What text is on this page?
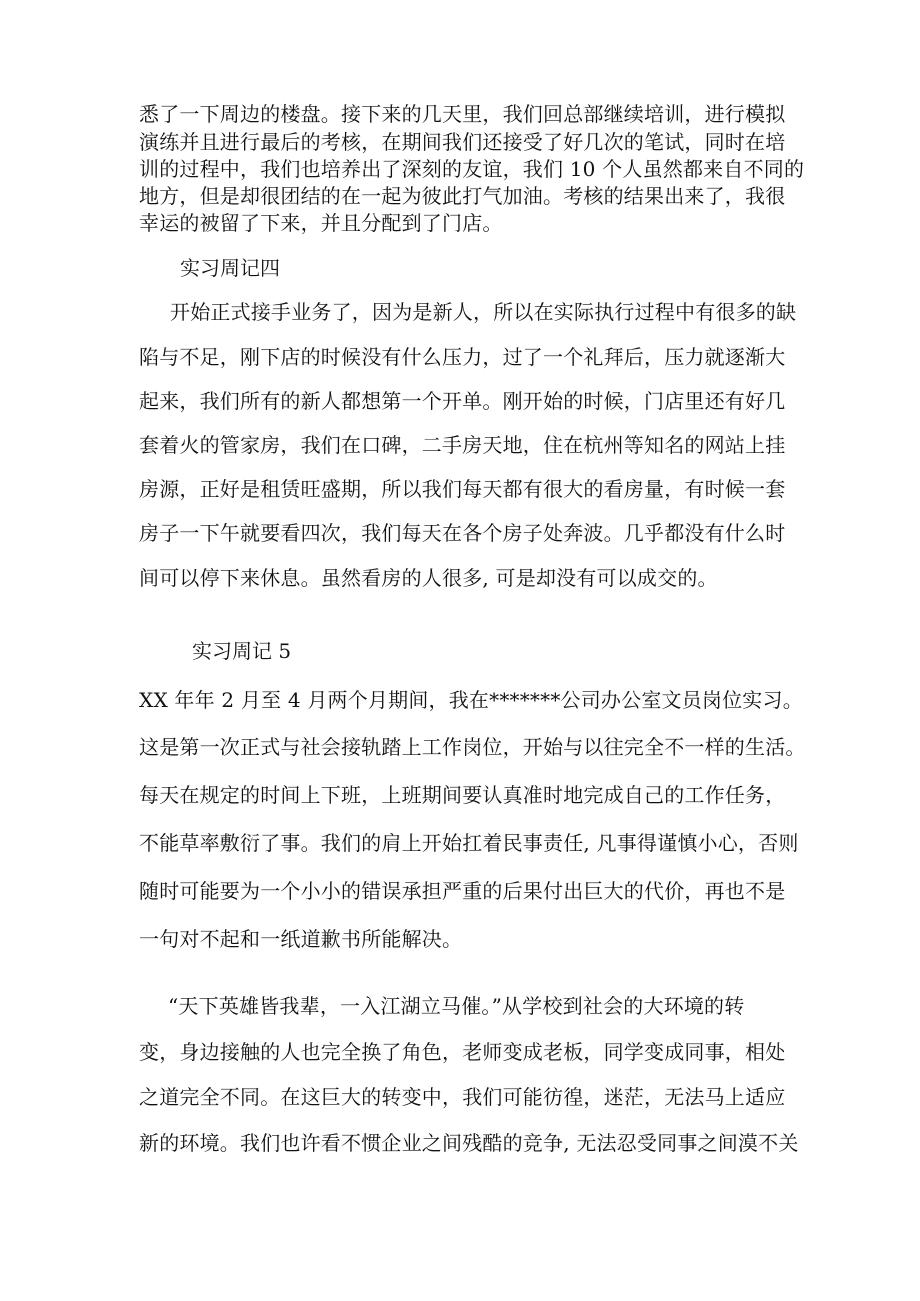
悉了一下周边的楼盘。接下来的几天里，我们回总部继续培训，进行模拟
演练并且进行最后的考核，在期间我们还接受了好几次的笔试，同时在培
训的过程中，我们也培养出了深刻的友谊，我们 10 个人虽然都来自不同的
地方，但是却很团结的在一起为彼此打气加油。考核的结果出来了，我很
幸运的被留了下来，并且分配到了门店。
实习周记四
开始正式接手业务了，因为是新人，所以在实际执行过程中有很多的缺
陷与不足，刚下店的时候没有什么压力，过了一个礼拜后，压力就逐渐大
起来，我们所有的新人都想第一个开单。刚开始的时候，门店里还有好几
套着火的管家房，我们在口碑，二手房天地，住在杭州等知名的网站上挂
房源，正好是租赁旺盛期，所以我们每天都有很大的看房量，有时候一套
房子一下午就要看四次，我们每天在各个房子处奔波。几乎都没有什么时
间可以停下来休息。虽然看房的人很多, 可是却没有可以成交的。
实习周记 5
XX 年年 2 月至 4 月两个月期间，我在*******公司办公室文员岗位实习。
这是第一次正式与社会接轨踏上工作岗位，开始与以往完全不一样的生活。
每天在规定的时间上下班，上班期间要认真准时地完成自己的工作任务，
不能草率敷衍了事。我们的肩上开始扛着民事责任, 凡事得谨慎小心，否则
随时可能要为一个小小的错误承担严重的后果付出巨大的代价，再也不是
一句对不起和一纸道歉书所能解决。
“天下英雄皆我辈，一入江湖立马催。”从学校到社会的大环境的转
变，身边接触的人也完全换了角色，老师变成老板，同学变成同事，相处
之道完全不同。在这巨大的转变中，我们可能彷徨，迷茫，无法马上适应
新的环境。我们也许看不惯企业之间残酷的竞争, 无法忍受同事之间漠不关
